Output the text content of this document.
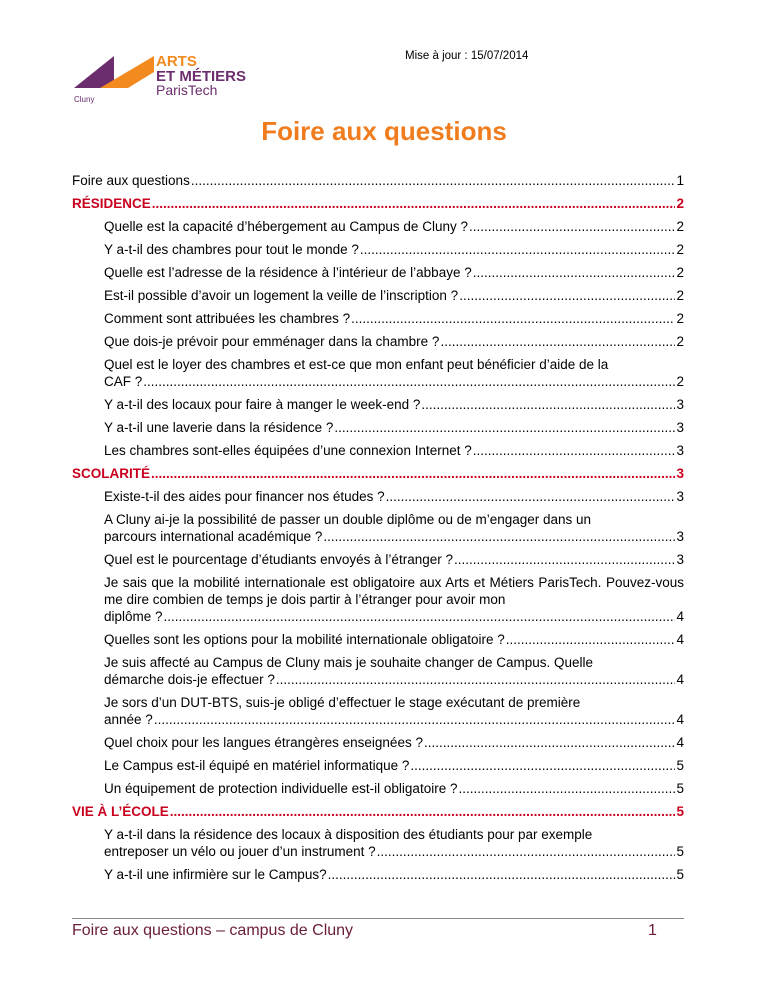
ARTS
ET MÉTIERS
ParisTech
Cluny
Mise à jour : 15/07/2014
Foire aux questions
Foire aux questions .....	1
RÉSIDENCE .....	2
Quelle est la capacité d’hébergement au Campus de Cluny ? .....	2
Y a-t-il des chambres pour tout le monde ? .....	2
Quelle est l’adresse de la résidence à l’intérieur de l’abbaye ? .....	2
Est-il possible d’avoir un logement la veille de l’inscription ? .....	2
Comment sont attribuées les chambres ? .....	2
Que dois-je prévoir pour emménager dans la chambre ? .....	2
Quel est le loyer des chambres et est-ce que mon enfant peut bénéficier d’aide de la
CAF ? .....	2
Y a-t-il des locaux pour faire à manger le week-end ? .....	3
Y a-t-il une laverie dans la résidence ? .....	3
Les chambres sont-elles équipées d’une connexion Internet ? .....	3
SCOLARITÉ .....	3
Existe-t-il des aides pour financer nos études ? .....	3
A Cluny ai-je la possibilité de passer un double diplôme ou de m’engager dans un
parcours international académique ? .....	3
Quel est le pourcentage d’étudiants envoyés à l’étranger ? .....	3
Je sais que la mobilité internationale est obligatoire aux Arts et Métiers ParisTech. Pouvez-vous me dire combien de temps je dois partir à l’étranger pour avoir mon
diplôme ? .....	4
Quelles sont les options pour la mobilité internationale obligatoire ? .....	4
Je suis affecté au Campus de Cluny mais je souhaite changer de Campus. Quelle
démarche dois-je effectuer ? .....	4
Je sors d’un DUT-BTS, suis-je obligé d’effectuer le stage exécutant de première
année ? .....	4
Quel choix pour les langues étrangères enseignées ? .....	4
Le Campus est-il équipé en matériel informatique ? .....	5
Un équipement de protection individuelle est-il obligatoire ? .....	5
VIE À L’ÉCOLE .....	5
Y a-t-il dans la résidence des locaux à disposition des étudiants pour par exemple
entreposer un vélo ou jouer d’un instrument ? .....	5
Y a-t-il une infirmière sur le Campus? .....	5
Foire aux questions – campus de Cluny	1
